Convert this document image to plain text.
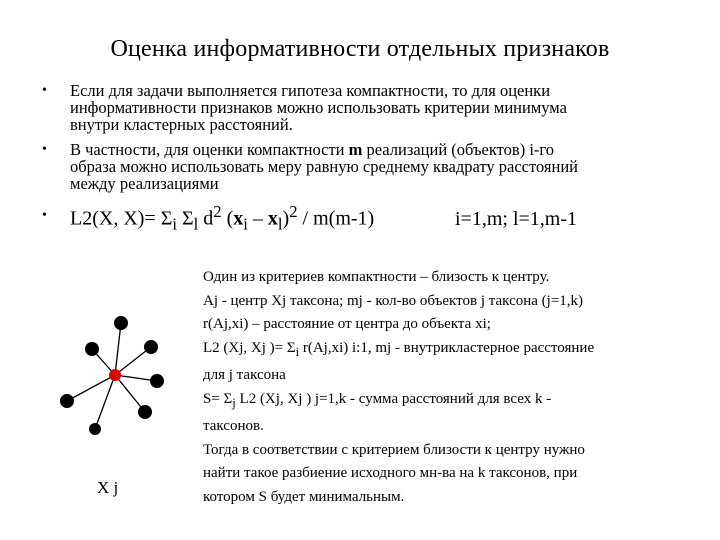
Оценка информативности отдельных признаков
• Если для задачи выполняется гипотеза компактности, то для оценки
информативности признаков можно использовать критерии минимума
внутри кластерных расстояний.
• В частности, для оценки компактности m реализаций (объектов) i-го
образа можно использовать меру равную среднему квадрату расстояний
между реализациями
• L2(X, $X)= \Sigma_i$ $\Sigma_l$ $d^2$ $(x_i - x_l)^2 / m(m-1)$	i=1,m; l=1,m-1
X j
Один из критериев компактности – близость к центру.
Aj - центр Xj таксона; mj - кол-во объектов j таксона (j=1,k)
r(Aj,xi) – расстояние от центра до объекта xi;
L2 (Xj, Xj )= $\Sigma_i$ r(Aj,xi) i:1, mj - внутрикластерное расстояние
для j таксона
$S= \Sigma_j$ L2 (Xj, Xj ) j=1,k - сумма расстояний для всех k -
таксонов.
Тогда в соответствии с критерием близости к центру нужно
найти такое разбиение исходного мн-ва на k таксонов, при
котором S будет минимальным.
